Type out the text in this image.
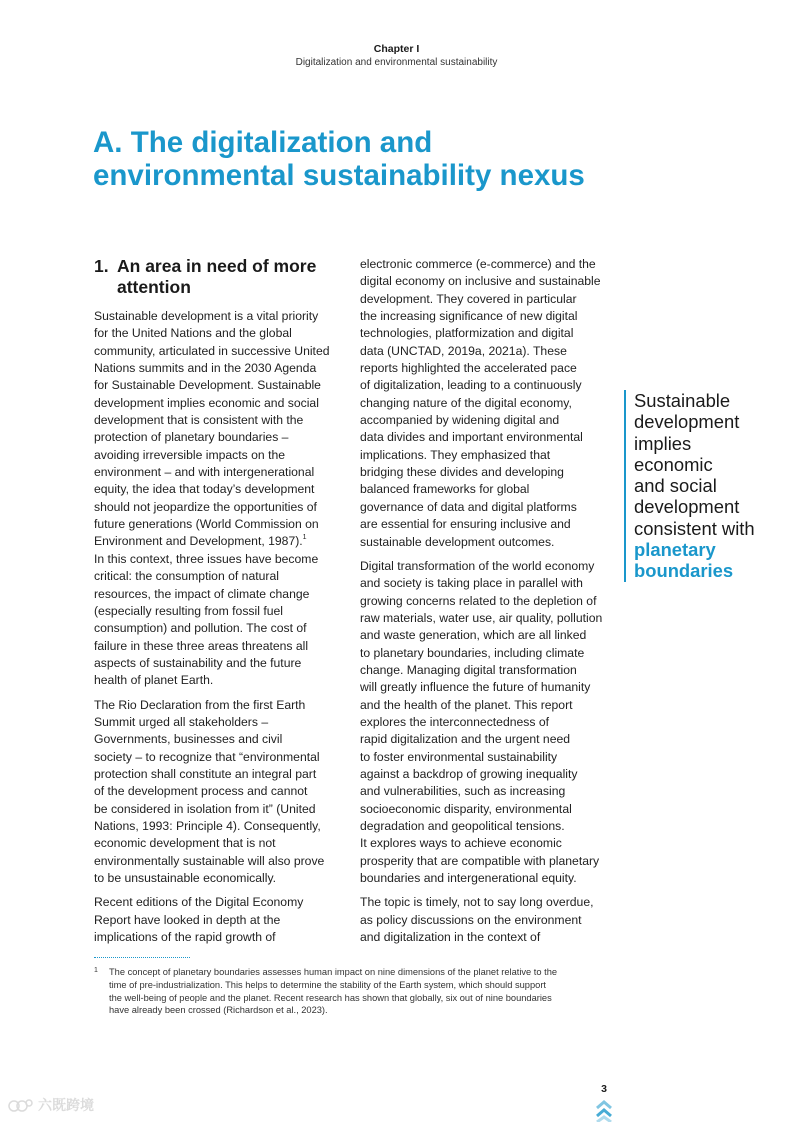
Chapter I
Digitalization and environmental sustainability
A. The digitalization and
environmental sustainability nexus
1. An area in need of more
attention

Sustainable development is a vital priority
for the United Nations and the global
community, articulated in successive United
Nations summits and in the 2030 Agenda
for Sustainable Development. Sustainable
development implies economic and social
development that is consistent with the
protection of planetary boundaries –
avoiding irreversible impacts on the
environment – and with intergenerational
equity, the idea that today’s development
should not jeopardize the opportunities of
future generations (World Commission on
Environment and Development, 1987).$^1$
In this context, three issues have become
critical: the consumption of natural
resources, the impact of climate change
(especially resulting from fossil fuel
consumption) and pollution. The cost of
failure in these three areas threatens all
aspects of sustainability and the future
health of planet Earth.

The Rio Declaration from the first Earth
Summit urged all stakeholders –
Governments, businesses and civil
society – to recognize that “environmental
protection shall constitute an integral part
of the development process and cannot
be considered in isolation from it” (United
Nations, 1993: Principle 4). Consequently,
economic development that is not
environmentally sustainable will also prove
to be unsustainable economically.

Recent editions of the Digital Economy
Report have looked in depth at the
implications of the rapid growth of

electronic commerce (e-commerce) and the
digital economy on inclusive and sustainable
development. They covered in particular
the increasing significance of new digital
technologies, platformization and digital
data (UNCTAD, 2019a, 2021a). These
reports highlighted the accelerated pace
of digitalization, leading to a continuously
changing nature of the digital economy,
accompanied by widening digital and
data divides and important environmental
implications. They emphasized that
bridging these divides and developing
balanced frameworks for global
governance of data and digital platforms
are essential for ensuring inclusive and
sustainable development outcomes.

Digital transformation of the world economy
and society is taking place in parallel with
growing concerns related to the depletion of
raw materials, water use, air quality, pollution
and waste generation, which are all linked
to planetary boundaries, including climate
change. Managing digital transformation
will greatly influence the future of humanity
and the health of the planet. This report
explores the interconnectedness of
rapid digitalization and the urgent need
to foster environmental sustainability
against a backdrop of growing inequality
and vulnerabilities, such as increasing
socioeconomic disparity, environmental
degradation and geopolitical tensions.
It explores ways to achieve economic
prosperity that are compatible with planetary
boundaries and intergenerational equity.

The topic is timely, not to say long overdue,
as policy discussions on the environment
and digitalization in the context of

Sustainable
development
implies
economic
and social
development
consistent with
planetary
boundaries
1	The concept of planetary boundaries assesses human impact on nine dimensions of the planet relative to the
time of pre-industrialization. This helps to determine the stability of the Earth system, which should support
the well-being of people and the planet. Recent research has shown that globally, six out of nine boundaries
have already been crossed (Richardson et al., 2023).
3
六既跨境
